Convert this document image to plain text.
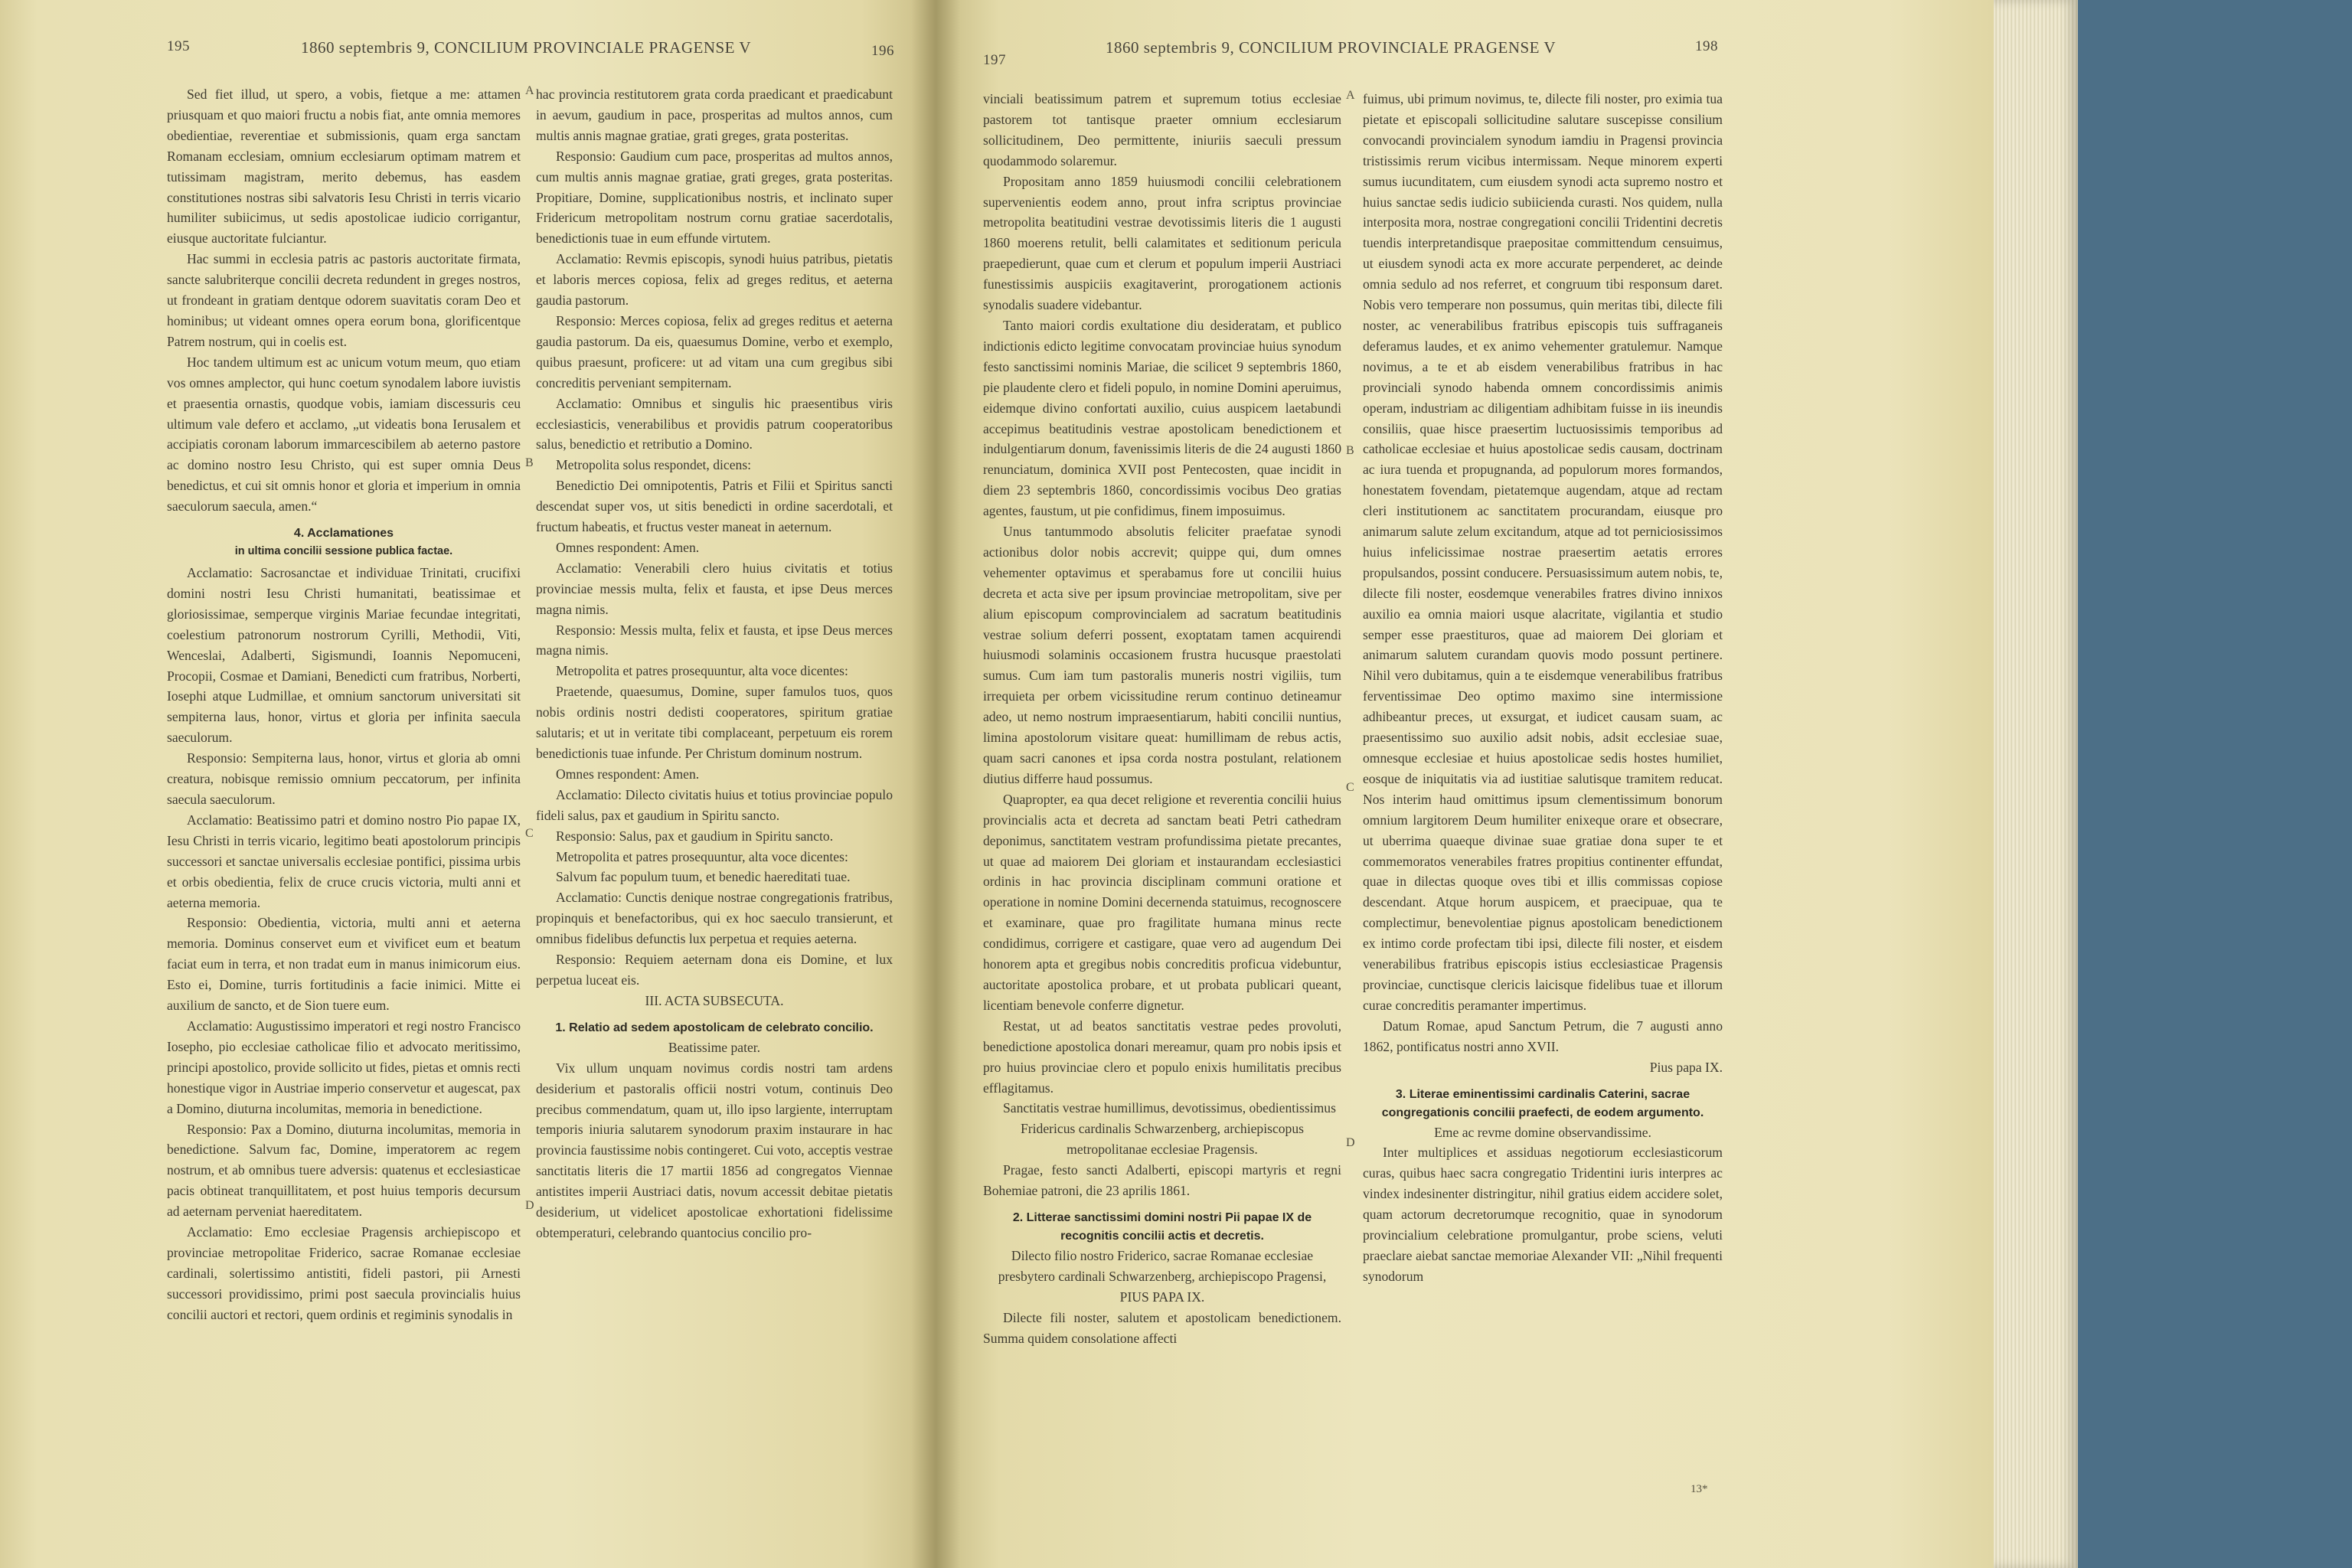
195	1860 septembris 9, CONCILIUM PROVINCIALE PRAGENSE V	196

Sed fiet illud, ut spero, a vobis, fietque a me: attamen priusquam et quo maiori fructu a nobis fiat, ante omnia memores obedientiae, reverentiae et submissionis, quam erga sanctam Romanam ecclesiam, omnium ecclesiarum optimam matrem et tutissimam magistram, merito debemus, has easdem constitutiones nostras sibi salvatoris Iesu Christi in terris vicario humiliter subiicimus, ut sedis apostolicae iudicio corrigantur, eiusque auctoritate fulciantur.

Hac summi in ecclesia patris ac pastoris auctoritate firmata, sancte salubriterque concilii decreta redundent in greges nostros, ut frondeant in gratiam dentque odorem suavitatis coram Deo et hominibus; ut videant omnes opera eorum bona, glorificentque Patrem nostrum, qui in coelis est.

Hoc tandem ultimum est ac unicum votum meum, quo etiam vos omnes amplector, qui hunc coetum synodalem labore iuvistis et praesentia ornastis, quodque vobis, iamiam discessuris ceu ultimum vale defero et acclamo, „ut videatis bona Ierusalem et accipiatis coronam laborum immarcescibilem ab aeterno pastore ac domino nostro Iesu Christo, qui est super omnia Deus benedictus, et cui sit omnis honor et gloria et imperium in omnia saeculorum saecula, amen.“

4. Acclamationes

in ultima concilii sessione publica factae.

Acclamatio: Sacrosanctae et individuae Trinitati, crucifixi domini nostri Iesu Christi humanitati, beatissimae et gloriosissimae, semperque virginis Mariae fecundae integritati, coelestium patronorum nostrorum Cyrilli, Methodii, Viti, Wenceslai, Adalberti, Sigismundi, Ioannis Nepomuceni, Procopii, Cosmae et Damiani, Benedicti cum fratribus, Norberti, Iosephi atque Ludmillae, et omnium sanctorum universitati sit sempiterna laus, honor, virtus et gloria per infinita saecula saeculorum.

Responsio: Sempiterna laus, honor, virtus et gloria ab omni creatura, nobisque remissio omnium peccatorum, per infinita saecula saeculorum.

Acclamatio: Beatissimo patri et domino nostro Pio papae IX, Iesu Christi in terris vicario, legitimo beati apostolorum principis successori et sanctae universalis ecclesiae pontifici, pissima urbis et orbis obedientia, felix de cruce crucis victoria, multi anni et aeterna memoria.

Responsio: Obedientia, victoria, multi anni et aeterna memoria. Dominus conservet eum et vivificet eum et beatum faciat eum in terra, et non tradat eum in manus inimicorum eius. Esto ei, Domine, turris fortitudinis a facie inimici. Mitte ei auxilium de sancto, et de Sion tuere eum.

Acclamatio: Augustissimo imperatori et regi nostro Francisco Iosepho, pio ecclesiae catholicae filio et advocato meritissimo, principi apostolico, provide sollicito ut fides, pietas et omnis recti honestique vigor in Austriae imperio conservetur et augescat, pax a Domino, diuturna incolumitas, memoria in benedictione.

Responsio: Pax a Domino, diuturna incolumitas, memoria in benedictione. Salvum fac, Domine, imperatorem ac regem nostrum, et ab omnibus tuere adversis: quatenus et ecclesiasticae pacis obtineat tranquillitatem, et post huius temporis decursum ad aeternam perveniat haereditatem.

Acclamatio: Emo ecclesiae Pragensis archiepiscopo et provinciae metropolitae Friderico, sacrae Romanae ecclesiae cardinali, solertissimo antistiti, fideli pastori, pii Arnesti successori providissimo, primi post saecula provincialis huius concilii auctori et rectori, quem ordinis et regiminis synodalis in

hac provincia restitutorem grata corda praedicant et praedicabunt in aevum, gaudium in pace, prosperitas ad multos annos, cum multis annis magnae gratiae, grati greges, grata posteritas.

Responsio: Gaudium cum pace, prosperitas ad multos annos, cum multis annis magnae gratiae, grati greges, grata posteritas. Propitiare, Domine, supplicationibus nostris, et inclinato super Fridericum metropolitam nostrum cornu gratiae sacerdotalis, benedictionis tuae in eum effunde virtutem.

Acclamatio: Revmis episcopis, synodi huius patribus, pietatis et laboris merces copiosa, felix ad greges reditus, et aeterna gaudia pastorum.

Responsio: Merces copiosa, felix ad greges reditus et aeterna gaudia pastorum. Da eis, quaesumus Domine, verbo et exemplo, quibus praesunt, proficere: ut ad vitam una cum gregibus sibi concreditis perveniant sempiternam.

Acclamatio: Omnibus et singulis hic praesentibus viris ecclesiasticis, venerabilibus et providis patrum cooperatoribus salus, benedictio et retributio a Domino.

Metropolita solus respondet, dicens:

Benedictio Dei omnipotentis, Patris et Filii et Spiritus sancti descendat super vos, ut sitis benedicti in ordine sacerdotali, et fructum habeatis, et fructus vester maneat in aeternum.

Omnes respondent: Amen.

Acclamatio: Venerabili clero huius civitatis et totius provinciae messis multa, felix et fausta, et ipse Deus merces magna nimis.

Responsio: Messis multa, felix et fausta, et ipse Deus merces magna nimis.

Metropolita et patres prosequuntur, alta voce dicentes:

Praetende, quaesumus, Domine, super famulos tuos, quos nobis ordinis nostri dedisti cooperatores, spiritum gratiae salutaris; et ut in veritate tibi complaceant, perpetuum eis rorem benedictionis tuae infunde. Per Christum dominum nostrum.

Omnes respondent: Amen.

Acclamatio: Dilecto civitatis huius et totius provinciae populo fideli salus, pax et gaudium in Spiritu sancto.

Responsio: Salus, pax et gaudium in Spiritu sancto.

Metropolita et patres prosequuntur, alta voce dicentes:

Salvum fac populum tuum, et benedic haereditati tuae.

Acclamatio: Cunctis denique nostrae congregationis fratribus, propinquis et benefactoribus, qui ex hoc saeculo transierunt, et omnibus fidelibus defunctis lux perpetua et requies aeterna.

Responsio: Requiem aeternam dona eis Domine, et lux perpetua luceat eis.

III. ACTA SUBSECUTA.

1. Relatio ad sedem apostolicam de celebrato concilio.

Beatissime pater.

Vix ullum unquam novimus cordis nostri tam ardens desiderium et pastoralis officii nostri votum, continuis Deo precibus commendatum, quam ut, illo ipso largiente, interruptam temporis iniuria salutarem synodorum praxim instaurare in hac provincia faustissime nobis contingeret. Cui voto, acceptis vestrae sanctitatis literis die 17 martii 1856 ad congregatos Viennae antistites imperii Austriaci datis, novum accessit debitae pietatis desiderium, ut videlicet apostolicae exhortationi fidelissime obtemperaturi, celebrando quantocius concilio pro-

A
B
C
D
197
1860 septembris 9, CONCILIUM PROVINCIALE PRAGENSE V	198

vinciali beatissimum patrem et supremum totius ecclesiae pastorem tot tantisque praeter omnium ecclesiarum sollicitudinem, Deo permittente, iniuriis saeculi pressum quodammodo solaremur.

Propositam anno 1859 huiusmodi concilii celebrationem supervenientis eodem anno, prout infra scriptus provinciae metropolita beatitudini vestrae devotissimis literis die 1 augusti 1860 moerens retulit, belli calamitates et seditionum pericula praepedierunt, quae cum et clerum et populum imperii Austriaci funestissimis auspiciis exagitaverint, prorogationem actionis synodalis suadere videbantur.

Tanto maiori cordis exultatione diu desideratam, et publico indictionis edicto legitime convocatam provinciae huius synodum festo sanctissimi nominis Mariae, die scilicet 9 septembris 1860, pie plaudente clero et fideli populo, in nomine Domini aperuimus, eidemque divino confortati auxilio, cuius auspicem laetabundi accepimus beatitudinis vestrae apostolicam benedictionem et indulgentiarum donum, favenissimis literis de die 24 augusti 1860 renunciatum, dominica XVII post Pentecosten, quae incidit in diem 23 septembris 1860, concordissimis vocibus Deo gratias agentes, faustum, ut pie confidimus, finem imposuimus.

Unus tantummodo absolutis feliciter praefatae synodi actionibus dolor nobis accrevit; quippe qui, dum omnes vehementer optavimus et sperabamus fore ut concilii huius decreta et acta sive per ipsum provinciae metropolitam, sive per alium episcopum comprovincialem ad sacratum beatitudinis vestrae solium deferri possent, exoptatam tamen acquirendi huiusmodi solaminis occasionem frustra hucusque praestolati sumus. Cum iam tum pastoralis muneris nostri vigiliis, tum irrequieta per orbem vicissitudine rerum continuo detineamur adeo, ut nemo nostrum impraesentiarum, habiti concilii nuntius, limina apostolorum visitare queat: humillimam de rebus actis, quam sacri canones et ipsa corda nostra postulant, relationem diutius differre haud possumus.

Quapropter, ea qua decet religione et reverentia concilii huius provincialis acta et decreta ad sanctam beati Petri cathedram deponimus, sanctitatem vestram profundissima pietate precantes, ut quae ad maiorem Dei gloriam et instaurandam ecclesiastici ordinis in hac provincia disciplinam communi oratione et operatione in nomine Domini decernenda statuimus, recognoscere et examinare, quae pro fragilitate humana minus recte condidimus, corrigere et castigare, quae vero ad augendum Dei honorem apta et gregibus nobis concreditis proficua videbuntur, auctoritate apostolica probare, et ut probata publicari queant, licentiam benevole conferre dignetur.

Restat, ut ad beatos sanctitatis vestrae pedes provoluti, benedictione apostolica donari mereamur, quam pro nobis ipsis et pro huius provinciae clero et populo enixis humilitatis precibus efflagitamus.

Sanctitatis vestrae humillimus, devotissimus, obedientissimus

Fridericus cardinalis Schwarzenberg, archiepiscopus metropolitanae ecclesiae Pragensis.

Pragae, festo sancti Adalberti, episcopi martyris et regni Bohemiae patroni, die 23 aprilis 1861.

2. Litterae sanctissimi domini nostri Pii papae IX de recognitis concilii actis et decretis.

Dilecto filio nostro Friderico, sacrae Romanae ecclesiae presbytero cardinali Schwarzenberg, archiepiscopo Pragensi,

PIUS PAPA IX.

Dilecte fili noster, salutem et apostolicam benedictionem. Summa quidem consolatione affecti

fuimus, ubi primum novimus, te, dilecte fili noster, pro eximia tua pietate et episcopali sollicitudine salutare suscepisse consilium convocandi provincialem synodum iamdiu in Pragensi provincia tristissimis rerum vicibus intermissam. Neque minorem experti sumus iucunditatem, cum eiusdem synodi acta supremo nostro et huius sanctae sedis iudicio subiicienda curasti. Nos quidem, nulla interposita mora, nostrae congregationi concilii Tridentini decretis tuendis interpretandisque praepositae committendum censuimus, ut eiusdem synodi acta ex more accurate perpenderet, ac deinde omnia sedulo ad nos referret, et congruum tibi responsum daret. Nobis vero temperare non possumus, quin meritas tibi, dilecte fili noster, ac venerabilibus fratribus episcopis tuis suffraganeis deferamus laudes, et ex animo vehementer gratulemur. Namque novimus, a te et ab eisdem venerabilibus fratribus in hac provinciali synodo habenda omnem concordissimis animis operam, industriam ac diligentiam adhibitam fuisse in iis ineundis consiliis, quae hisce praesertim luctuosissimis temporibus ad catholicae ecclesiae et huius apostolicae sedis causam, doctrinam ac iura tuenda et propugnanda, ad populorum mores formandos, honestatem fovendam, pietatemque augendam, atque ad rectam cleri institutionem ac sanctitatem procurandam, eiusque pro animarum salute zelum excitandum, atque ad tot perniciosissimos huius infelicissimae nostrae praesertim aetatis errores propulsandos, possint conducere. Persuasissimum autem nobis, te, dilecte fili noster, eosdemque venerabiles fratres divino innixos auxilio ea omnia maiori usque alacritate, vigilantia et studio semper esse praestituros, quae ad maiorem Dei gloriam et animarum salutem curandam quovis modo possunt pertinere. Nihil vero dubitamus, quin a te eisdemque venerabilibus fratribus ferventissimae Deo optimo maximo sine intermissione adhibeantur preces, ut exsurgat, et iudicet causam suam, ac praesentissimo suo auxilio adsit nobis, adsit ecclesiae suae, omnesque ecclesiae et huius apostolicae sedis hostes humiliet, eosque de iniquitatis via ad iustitiae salutisque tramitem reducat. Nos interim haud omittimus ipsum clementissimum bonorum omnium largitorem Deum humiliter enixeque orare et obsecrare, ut uberrima quaeque divinae suae gratiae dona super te et commemoratos venerabiles fratres propitius continenter effundat, quae in dilectas quoque oves tibi et illis commissas copiose descendant. Atque horum auspicem, et praecipuae, qua te complectimur, benevolentiae pignus apostolicam benedictionem ex intimo corde profectam tibi ipsi, dilecte fili noster, et eisdem venerabilibus fratribus episcopis istius ecclesiasticae Pragensis provinciae, cunctisque clericis laicisque fidelibus tuae et illorum curae concreditis peramanter impertimus.

Datum Romae, apud Sanctum Petrum, die 7 augusti anno 1862, pontificatus nostri anno XVII.

Pius papa IX.

3. Literae eminentissimi cardinalis Caterini, sacrae congregationis concilii praefecti, de eodem argumento.

Eme ac revme domine observandissime.

Inter multiplices et assiduas negotiorum ecclesiasticorum curas, quibus haec sacra congregatio Tridentini iuris interpres ac vindex indesinenter distringitur, nihil gratius eidem accidere solet, quam actorum decretorumque recognitio, quae in synodorum provincialium celebratione promulgantur, probe sciens, veluti praeclare aiebat sanctae memoriae Alexander VII: „Nihil frequenti synodorum

A
B
C
D
13*
